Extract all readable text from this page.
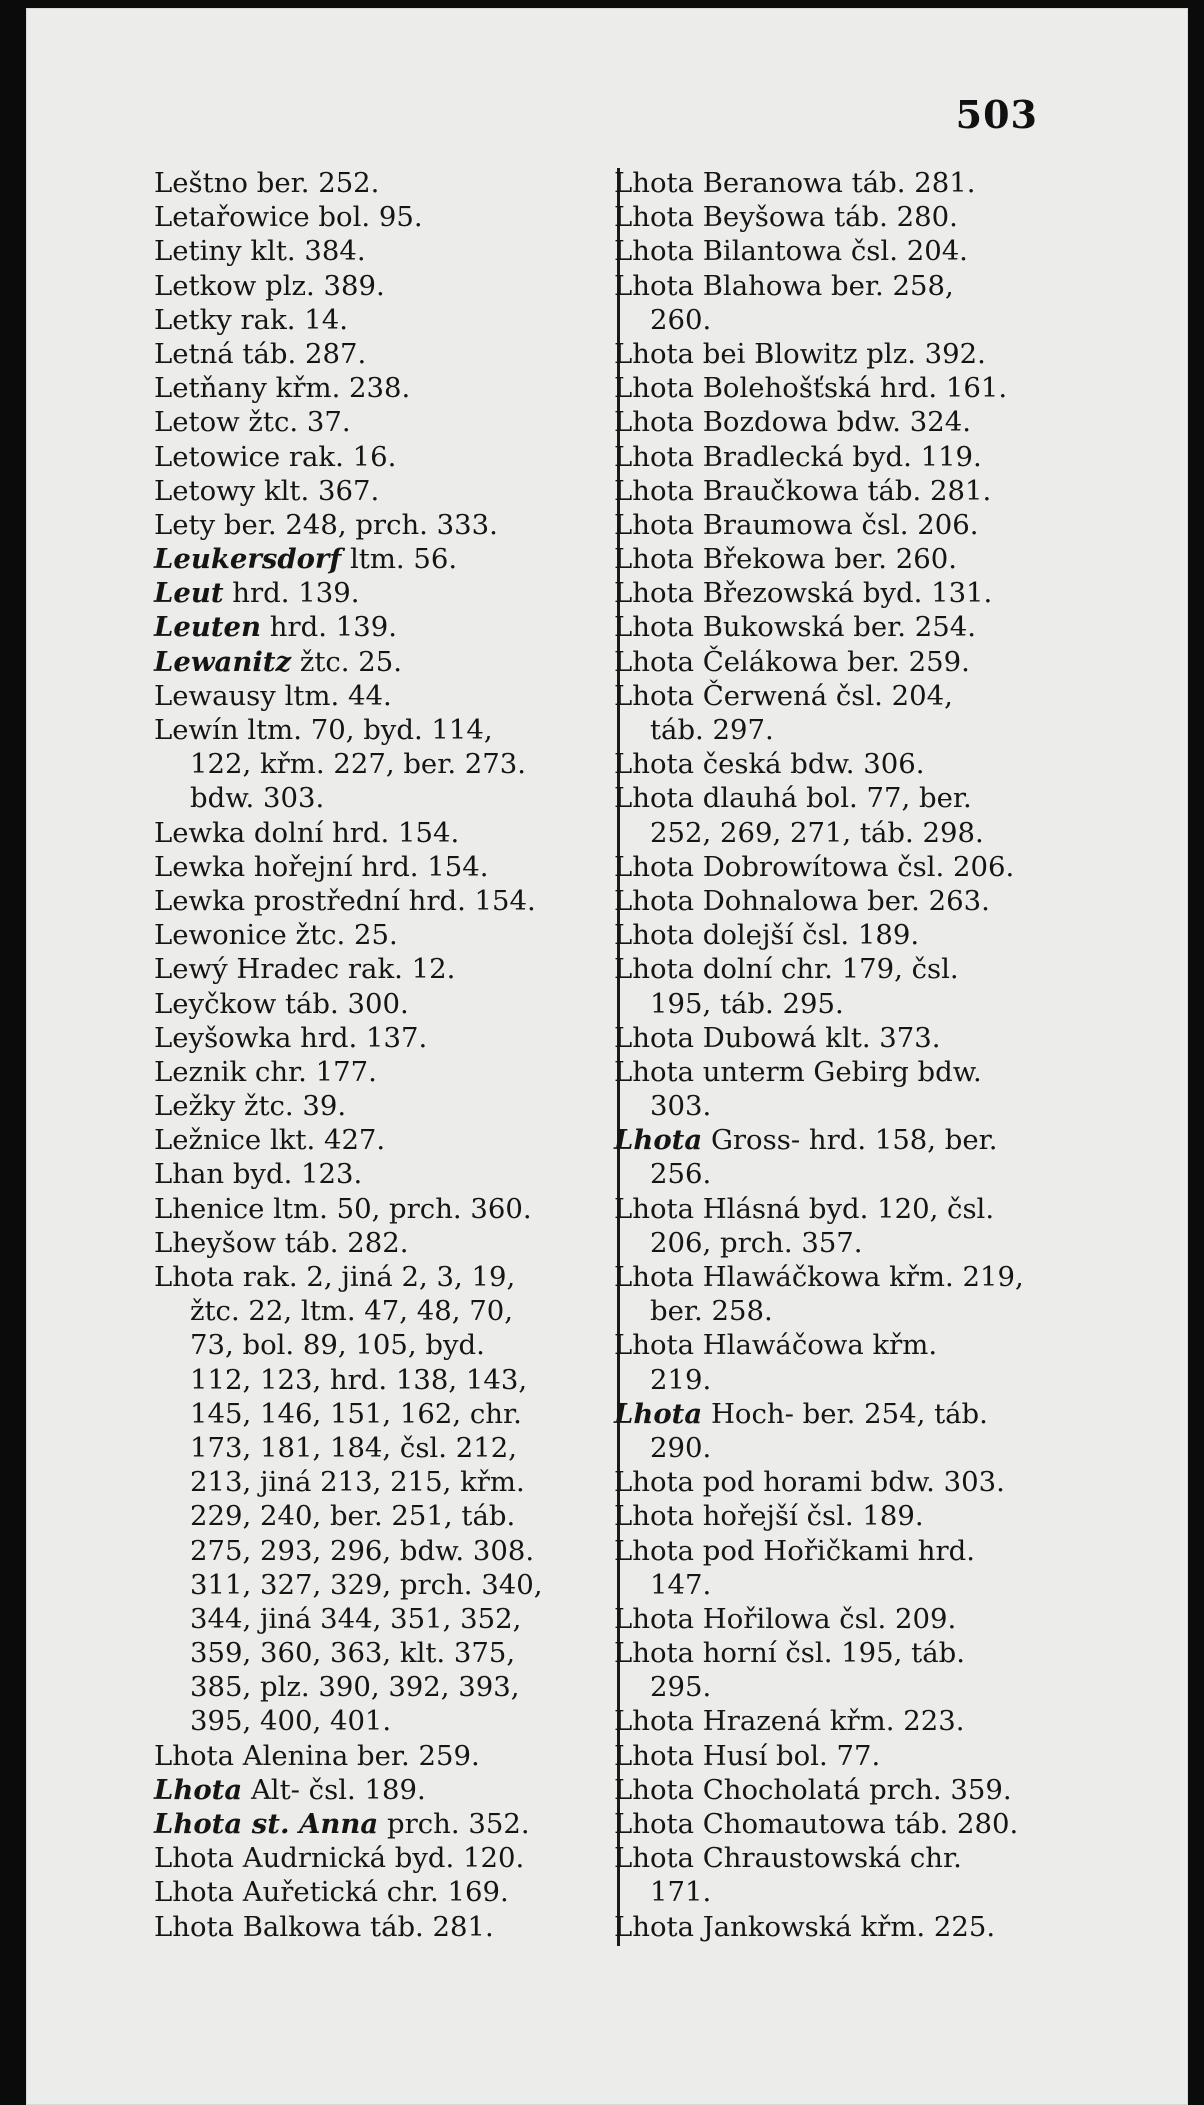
503
Leštno ber. 252.
Letařowice bol. 95.
Letiny klt. 384.
Letkow plz. 389.
Letky rak. 14.
Letná táb. 287.
Letňany křm. 238.
Letow žtc. 37.
Letowice rak. 16.
Letowy klt. 367.
Lety ber. 248, prch. 333.
Leukersdorf ltm. 56.
Leut hrd. 139.
Leuten hrd. 139.
Lewanitz žtc. 25.
Lewausy ltm. 44.
Lewín ltm. 70, byd. 114,
122, křm. 227, ber. 273.
bdw. 303.
Lewka dolní hrd. 154.
Lewka hořejní hrd. 154.
Lewka prostřední hrd. 154.
Lewonice žtc. 25.
Lewý Hradec rak. 12.
Leyčkow táb. 300.
Leyšowka hrd. 137.
Leznik chr. 177.
Ležky žtc. 39.
Ležnice lkt. 427.
Lhan byd. 123.
Lhenice ltm. 50, prch. 360.
Lheyšow táb. 282.
Lhota rak. 2, jiná 2, 3, 19,
žtc. 22, ltm. 47, 48, 70,
73, bol. 89, 105, byd.
112, 123, hrd. 138, 143,
145, 146, 151, 162, chr.
173, 181, 184, čsl. 212,
213, jiná 213, 215, křm.
229, 240, ber. 251, táb.
275, 293, 296, bdw. 308.
311, 327, 329, prch. 340,
344, jiná 344, 351, 352,
359, 360, 363, klt. 375,
385, plz. 390, 392, 393,
395, 400, 401.
Lhota Alenina ber. 259.
Lhota Alt- čsl. 189.
Lhota st. Anna prch. 352.
Lhota Audrnická byd. 120.
Lhota Auřetická chr. 169.
Lhota Balkowa táb. 281.
Lhota Beranowa táb. 281.
Lhota Beyšowa táb. 280.
Lhota Bilantowa čsl. 204.
Lhota Blahowa ber. 258,
260.
Lhota bei Blowitz plz. 392.
Lhota Bolehošťská hrd. 161.
Lhota Bozdowa bdw. 324.
Lhota Bradlecká byd. 119.
Lhota Braučkowa táb. 281.
Lhota Braumowa čsl. 206.
Lhota Břekowa ber. 260.
Lhota Březowská byd. 131.
Lhota Bukowská ber. 254.
Lhota Čelákowa ber. 259.
Lhota Čerwená čsl. 204,
táb. 297.
Lhota česká bdw. 306.
Lhota dlauhá bol. 77, ber.
252, 269, 271, táb. 298.
Lhota Dobrowítowa čsl. 206.
Lhota Dohnalowa ber. 263.
Lhota dolejší čsl. 189.
Lhota dolní chr. 179, čsl.
195, táb. 295.
Lhota Dubowá klt. 373.
Lhota unterm Gebirg bdw.
303.
Lhota Gross- hrd. 158, ber.
256.
Lhota Hlásná byd. 120, čsl.
206, prch. 357.
Lhota Hlawáčkowa křm. 219,
ber. 258.
Lhota Hlawáčowa křm.
219.
Lhota Hoch- ber. 254, táb.
290.
Lhota pod horami bdw. 303.
Lhota hořejší čsl. 189.
Lhota pod Hořičkami hrd.
147.
Lhota Hořilowa čsl. 209.
Lhota horní čsl. 195, táb.
295.
Lhota Hrazená křm. 223.
Lhota Husí bol. 77.
Lhota Chocholatá prch. 359.
Lhota Chomautowa táb. 280.
Lhota Chraustowská chr.
171.
Lhota Jankowská křm. 225.
